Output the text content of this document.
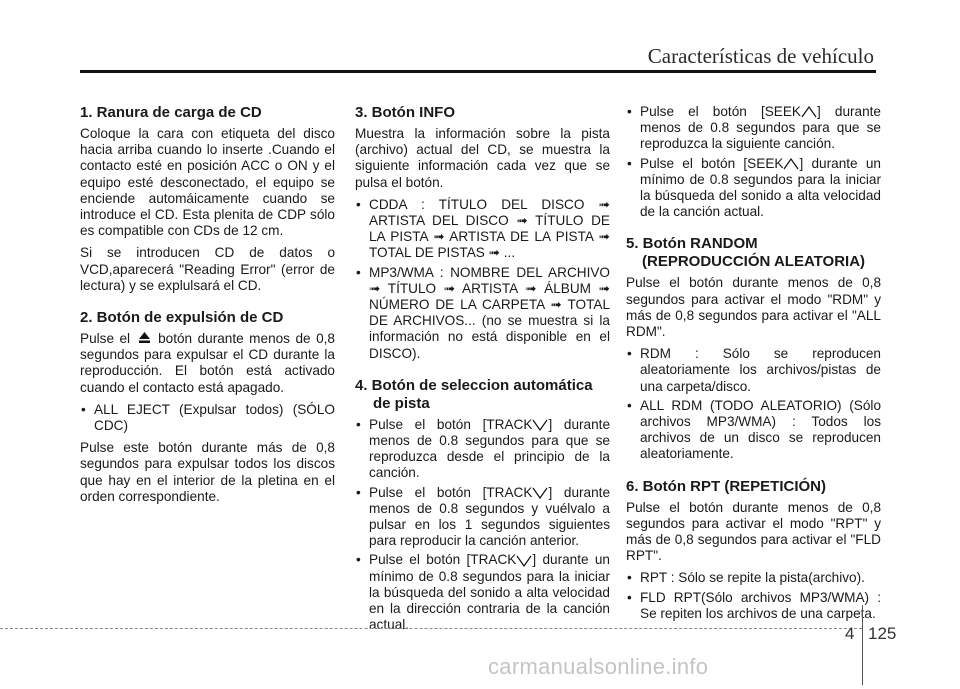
Características de vehículo
1. Ranura de carga de CD

Coloque la cara con etiqueta del disco hacia arriba cuando lo inserte .Cuando el contacto esté en posición ACC o ON y el equipo esté desconectado, el equipo se enciende automáicamente cuando se introduce el CD. Esta plenita de CDP sólo es compatible con CDs de 12 cm.

Si se introducen CD de datos o VCD,aparecerá "Reading Error" (error de lectura) y se explulsará el CD.

2. Botón de expulsión de CD

Pulse el botón durante menos de 0,8 segundos para expulsar el CD durante la reproducción. El botón está activado cuando el contacto está apagado.

• ALL EJECT (Expulsar todos) (SÓLO CDC)

Pulse este botón durante más de 0,8 segundos para expulsar todos los discos que hay en el interior de la pletina en el orden correspondiente.

3. Botón INFO

Muestra la información sobre la pista (archivo) actual del CD, se muestra la siguiente información cada vez que se pulsa el botón.

• CDDA : TÍTULO DEL DISCO ➟ ARTISTA DEL DISCO ➟ TÍTULO DE LA PISTA ➟ ARTISTA DE LA PISTA ➟ TOTAL DE PISTAS ➟ ...
• MP3/WMA : NOMBRE DEL ARCHIVO ➟ TÍTULO ➟ ARTISTA ➟ ÁLBUM ➟ NÚMERO DE LA CARPETA ➟ TOTAL DE ARCHIVOS... (no se muestra si la información no está disponible en el DISCO).
4. Botón de seleccion automática de pista
• Pulse el botón [TRACK ] durante menos de 0.8 segundos para que se reproduzca desde el principio de la canción.
• Pulse el botón [TRACK ] durante menos de 0.8 segundos y vuélvalo a pulsar en los 1 segundos siguientes para reproducir la canción anterior.
• Pulse el botón [TRACK ] durante un mínimo de 0.8 segundos para la iniciar la búsqueda del sonido a alta velocidad en la dirección contraria de la canción actual.
• Pulse el botón [SEEK ] durante menos de 0.8 segundos para que se reproduzca la siguiente canción.
• Pulse el botón [SEEK ] durante un mínimo de 0.8 segundos para la iniciar la búsqueda del sonido a alta velocidad de la canción actual.
5. Botón RANDOM
(REPRODUCCIÓN ALEATORIA)

Pulse el botón durante menos de 0,8 segundos para activar el modo "RDM" y más de 0,8 segundos para activar el "ALL RDM".

• RDM : Sólo se reproducen aleatoriamente los archivos/pistas de una carpeta/disco.
• ALL RDM (TODO ALEATORIO) (Sólo archivos MP3/WMA) : Todos los archivos de un disco se reproducen aleatoriamente.
6. Botón RPT (REPETICIÓN)

Pulse el botón durante menos de 0,8 segundos para activar el modo "RPT" y más de 0,8 segundos para activar el "FLD RPT".

• RPT : Sólo se repite la pista(archivo).
• FLD RPT(Sólo archivos MP3/WMA) : Se repiten los archivos de una carpeta.
4 125
carmanualsonline.info
